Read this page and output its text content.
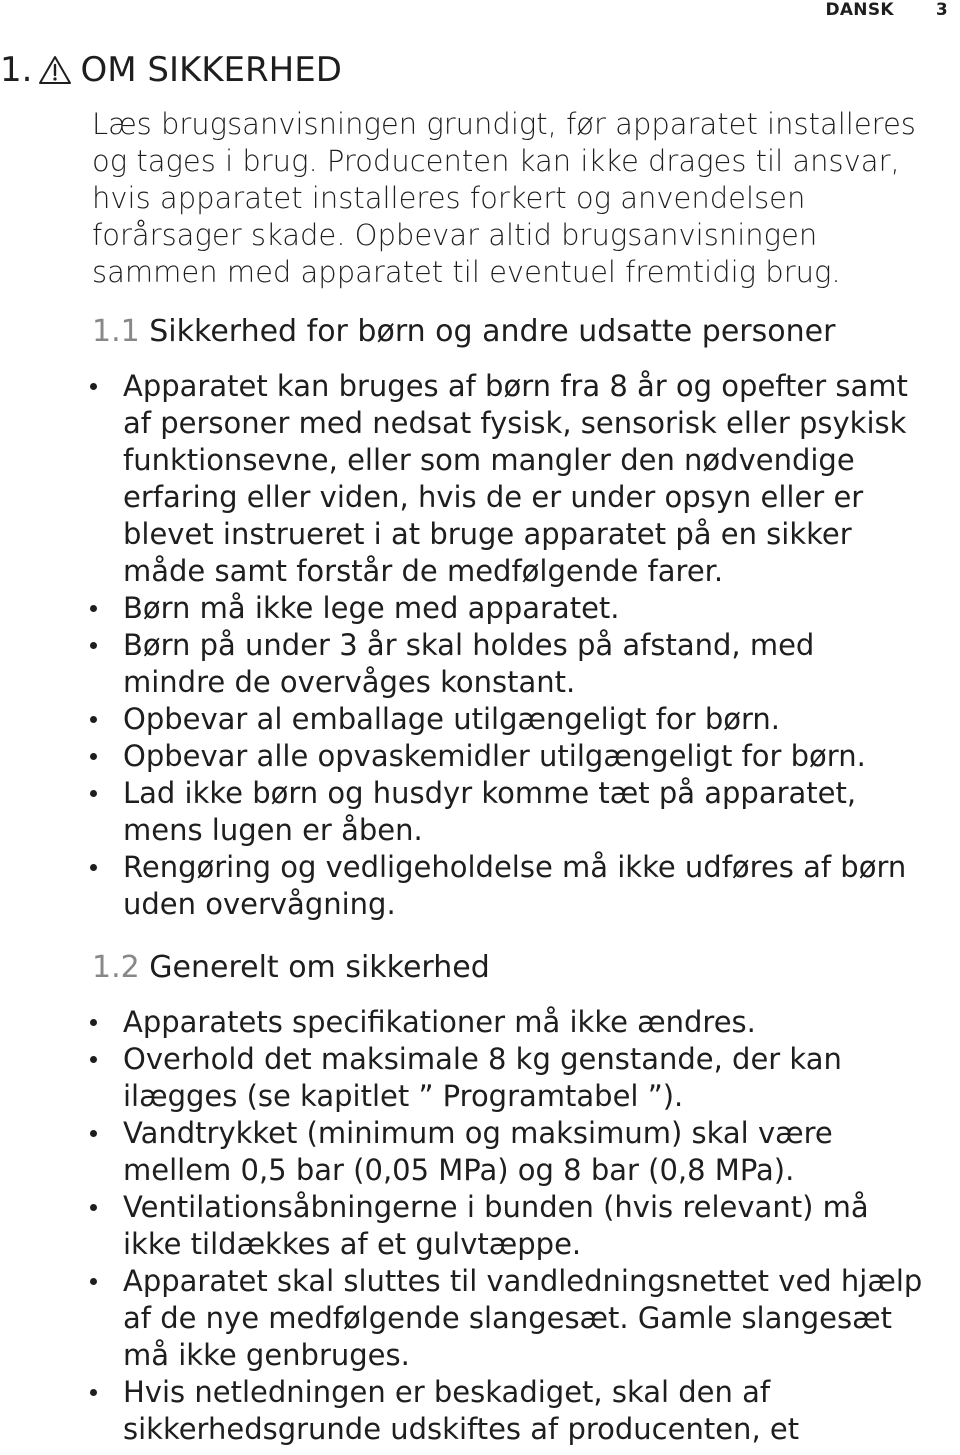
DANSK 3
1. OM SIKKERHED
Læs brugsanvisningen grundigt, før apparatet installeres
og tages i brug. Producenten kan ikke drages til ansvar,
hvis apparatet installeres forkert og anvendelsen
forårsager skade. Opbevar altid brugsanvisningen
sammen med apparatet til eventuel fremtidig brug.
1.1 Sikkerhed for børn og andre udsatte personer
Apparatet kan bruges af børn fra 8 år og opefter samt
af personer med nedsat fysisk, sensorisk eller psykisk
funktionsevne, eller som mangler den nødvendige
erfaring eller viden, hvis de er under opsyn eller er
blevet instrueret i at bruge apparatet på en sikker
måde samt forstår de medfølgende farer.
Børn må ikke lege med apparatet.
Børn på under 3 år skal holdes på afstand, med
mindre de overvåges konstant.
Opbevar al emballage utilgængeligt for børn.
Opbevar alle opvaskemidler utilgængeligt for børn.
Lad ikke børn og husdyr komme tæt på apparatet,
mens lugen er åben.
Rengøring og vedligeholdelse må ikke udføres af børn
uden overvågning.
1.2 Generelt om sikkerhed
Apparatets specifikationer må ikke ændres.
Overhold det maksimale 8 kg genstande, der kan
ilægges (se kapitlet ” Programtabel ”).
Vandtrykket (minimum og maksimum) skal være
mellem 0,5 bar (0,05 MPa) og 8 bar (0,8 MPa).
Ventilationsåbningerne i bunden (hvis relevant) må
ikke tildækkes af et gulvtæppe.
Apparatet skal sluttes til vandledningsnettet ved hjælp
af de nye medfølgende slangesæt. Gamle slangesæt
må ikke genbruges.
Hvis netledningen er beskadiget, skal den af
sikkerhedsgrunde udskiftes af producenten, et
